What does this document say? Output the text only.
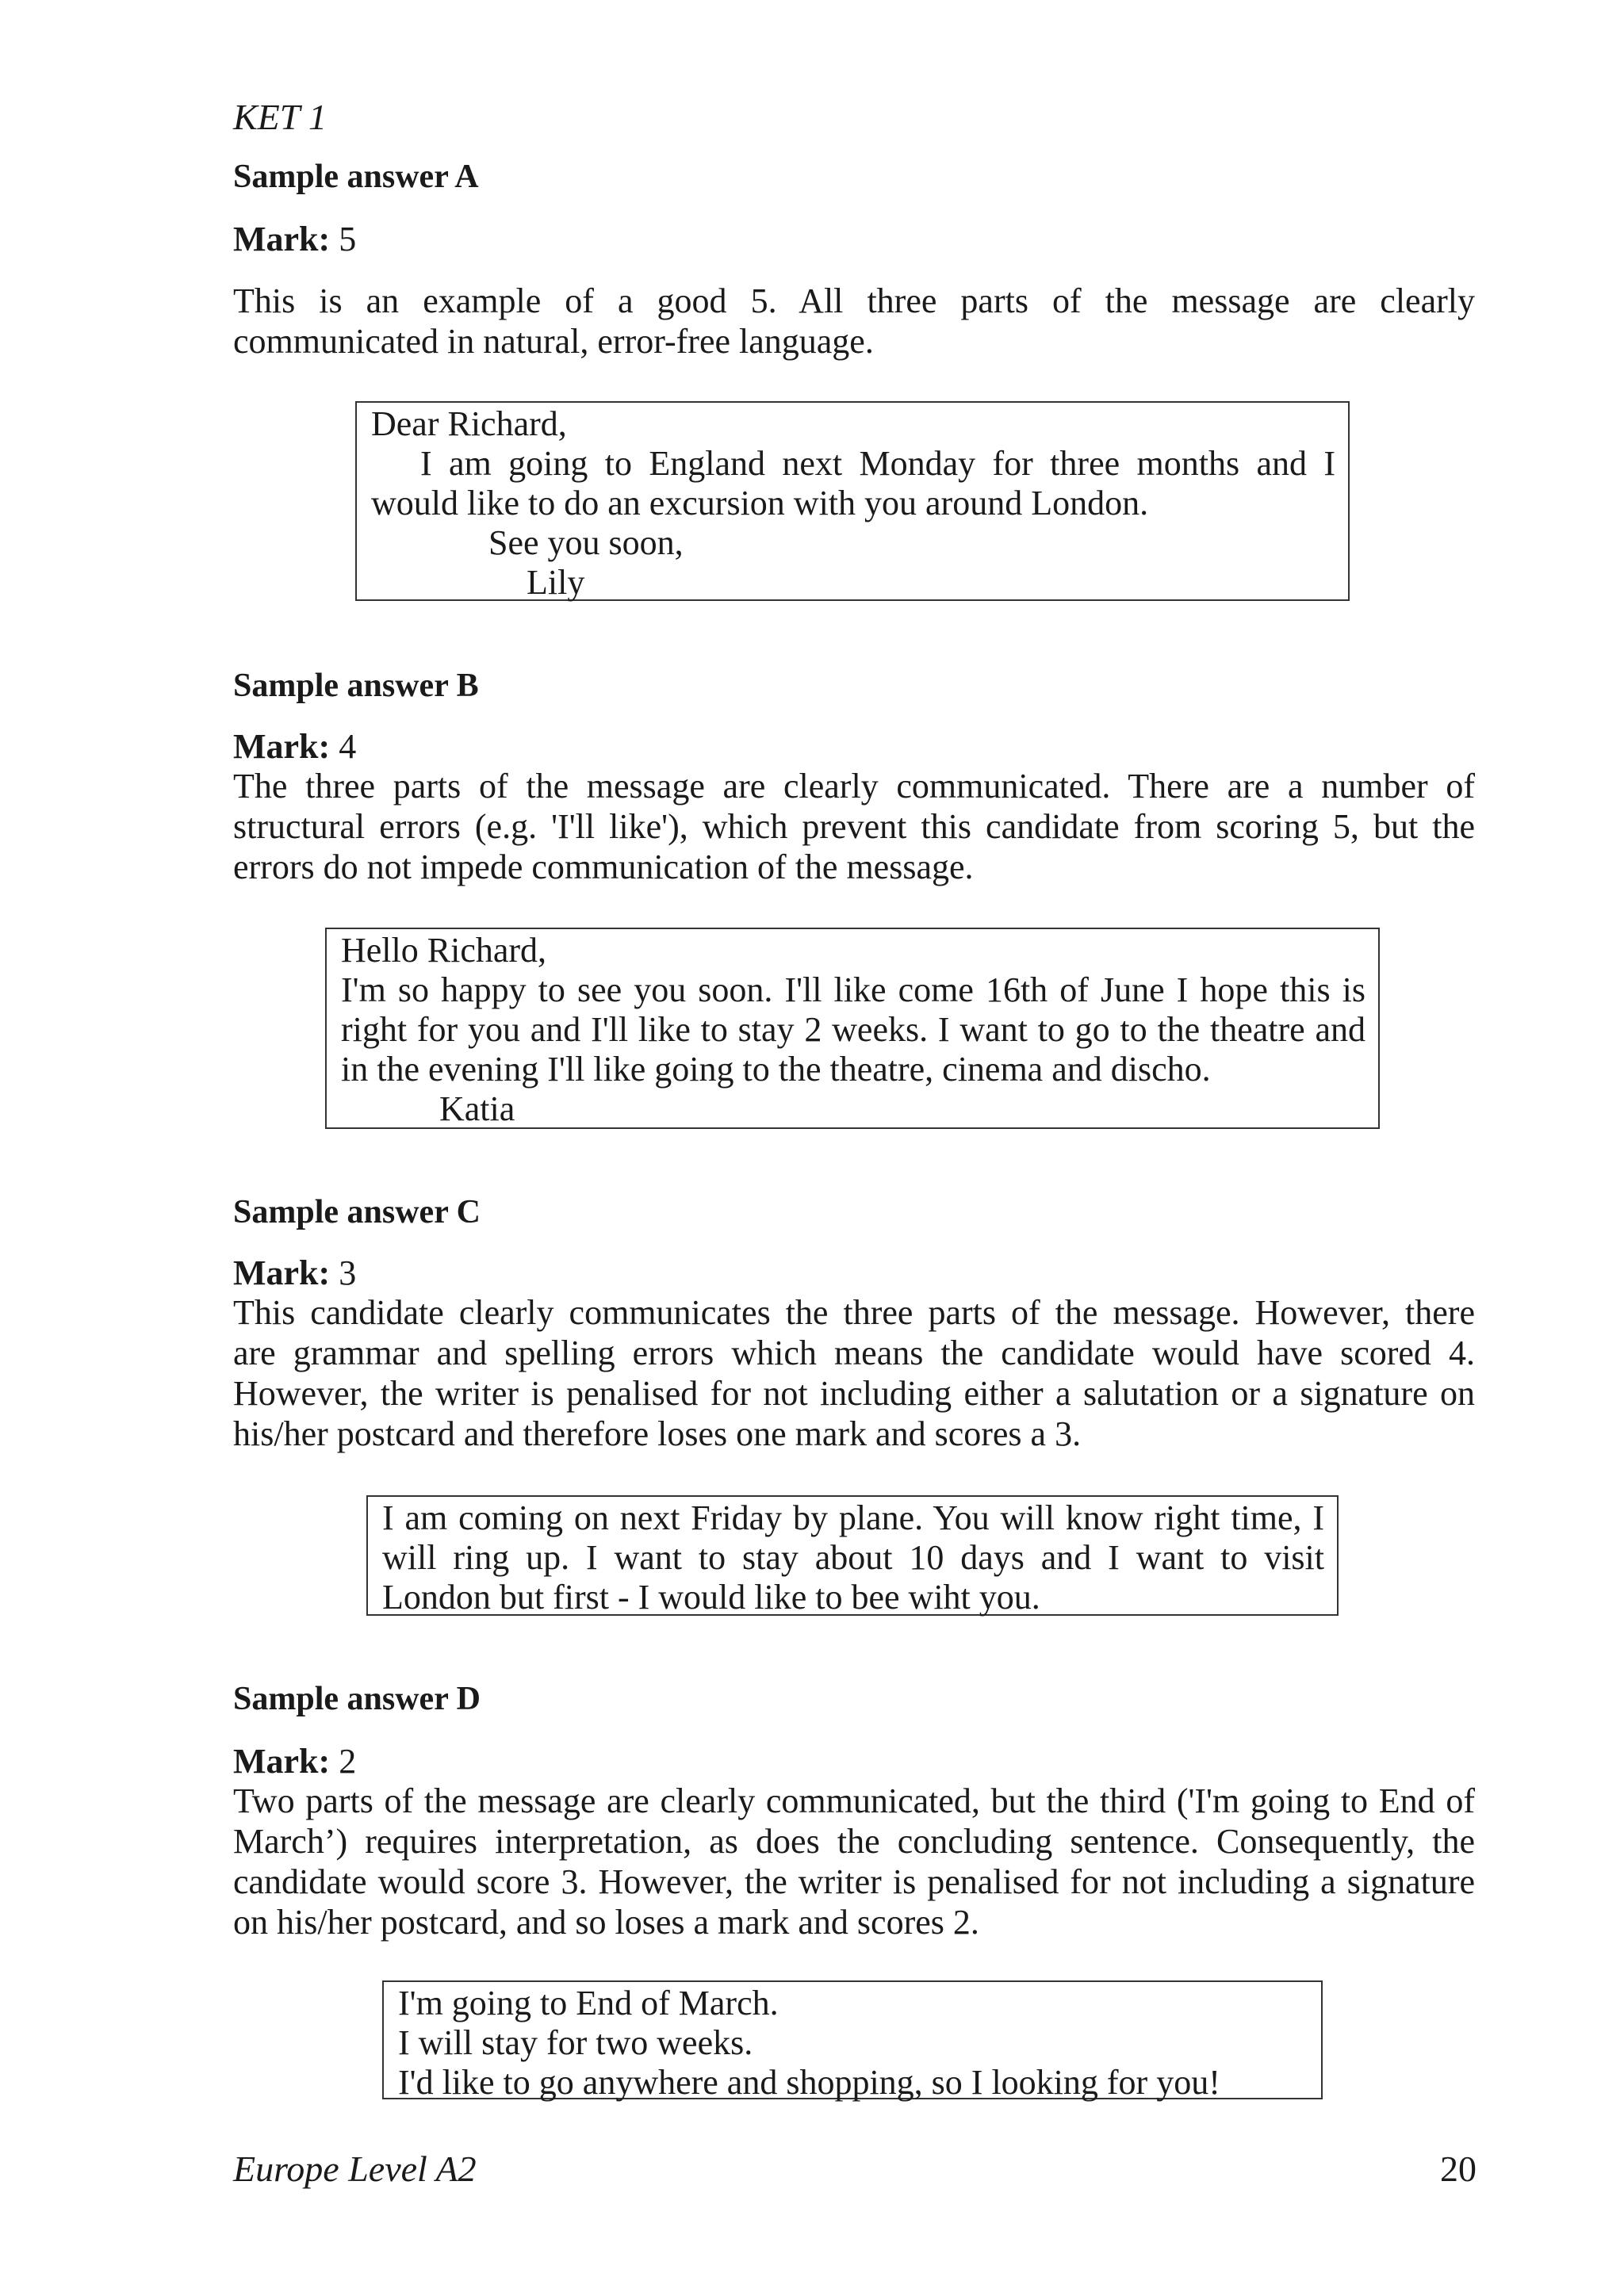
KET 1
Sample answer A
Mark: 5
This is an example of a good 5. All three parts of the message are clearly
communicated in natural, error-free language.
Dear Richard,
I am going to England next Monday for three months and I
would like to do an excursion with you around London.
See you soon,
Lily
Sample answer B
Mark: 4
The three parts of the message are clearly communicated. There are a number of
structural errors (e.g. 'I'll like'), which prevent this candidate from scoring 5, but the
errors do not impede communication of the message.
Hello Richard,
I'm so happy to see you soon. I'll like come 16th of June I hope this is
right for you and I'll like to stay 2 weeks. I want to go to the theatre and
in the evening I'll like going to the theatre, cinema and discho.
Katia
Sample answer C
Mark: 3
This candidate clearly communicates the three parts of the message. However, there
are grammar and spelling errors which means the candidate would have scored 4.
However, the writer is penalised for not including either a salutation or a signature on
his/her postcard and therefore loses one mark and scores a 3.
I am coming on next Friday by plane. You will know right time, I
will ring up. I want to stay about 10 days and I want to visit
London but first - I would like to bee wiht you.
Sample answer D
Mark: 2
Two parts of the message are clearly communicated, but the third ('I'm going to End of
March’) requires interpretation, as does the concluding sentence. Consequently, the
candidate would score 3. However, the writer is penalised for not including a signature
on his/her postcard, and so loses a mark and scores 2.
I'm going to End of March.
I will stay for two weeks.
I'd like to go anywhere and shopping, so I looking for you!
Europe Level A2	20
